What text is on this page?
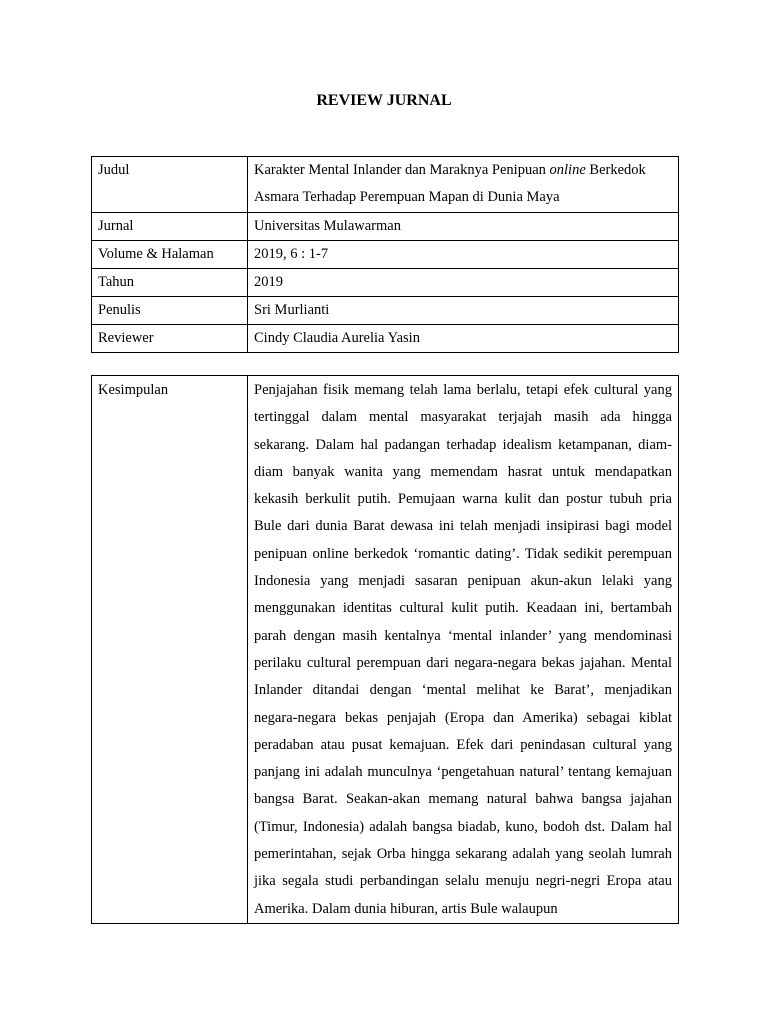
REVIEW JURNAL
Judul	Karakter Mental Inlander dan Maraknya Penipuan online Berkedok Asmara Terhadap Perempuan Mapan di Dunia Maya
Jurnal	Universitas Mulawarman
Volume & Halaman	2019, 6 : 1-7
Tahun	2019
Penulis	Sri Murlianti
Reviewer	Cindy Claudia Aurelia Yasin
Kesimpulan	Penjajahan fisik memang telah lama berlalu, tetapi efek cultural yang tertinggal dalam mental masyarakat terjajah masih ada hingga sekarang. Dalam hal padangan terhadap idealism ketampanan, diam-diam banyak wanita yang memendam hasrat untuk mendapatkan kekasih berkulit putih. Pemujaan warna kulit dan postur tubuh pria Bule dari dunia Barat dewasa ini telah menjadi insipirasi bagi model penipuan online berkedok ‘romantic dating’. Tidak sedikit perempuan Indonesia yang menjadi sasaran penipuan akun-akun lelaki yang menggunakan identitas cultural kulit putih. Keadaan ini, bertambah parah dengan masih kentalnya ‘mental inlander’ yang mendominasi perilaku cultural perempuan dari negara-negara bekas jajahan. Mental Inlander ditandai dengan ‘mental melihat ke Barat’, menjadikan negara-negara bekas penjajah (Eropa dan Amerika) sebagai kiblat peradaban atau pusat kemajuan. Efek dari penindasan cultural yang panjang ini adalah munculnya ‘pengetahuan natural’ tentang kemajuan bangsa Barat. Seakan-akan memang natural bahwa bangsa jajahan (Timur, Indonesia) adalah bangsa biadab, kuno, bodoh dst. Dalam hal pemerintahan, sejak Orba hingga sekarang adalah yang seolah lumrah jika segala studi perbandingan selalu menuju negri-negri Eropa atau Amerika. Dalam dunia hiburan, artis Bule walaupun
